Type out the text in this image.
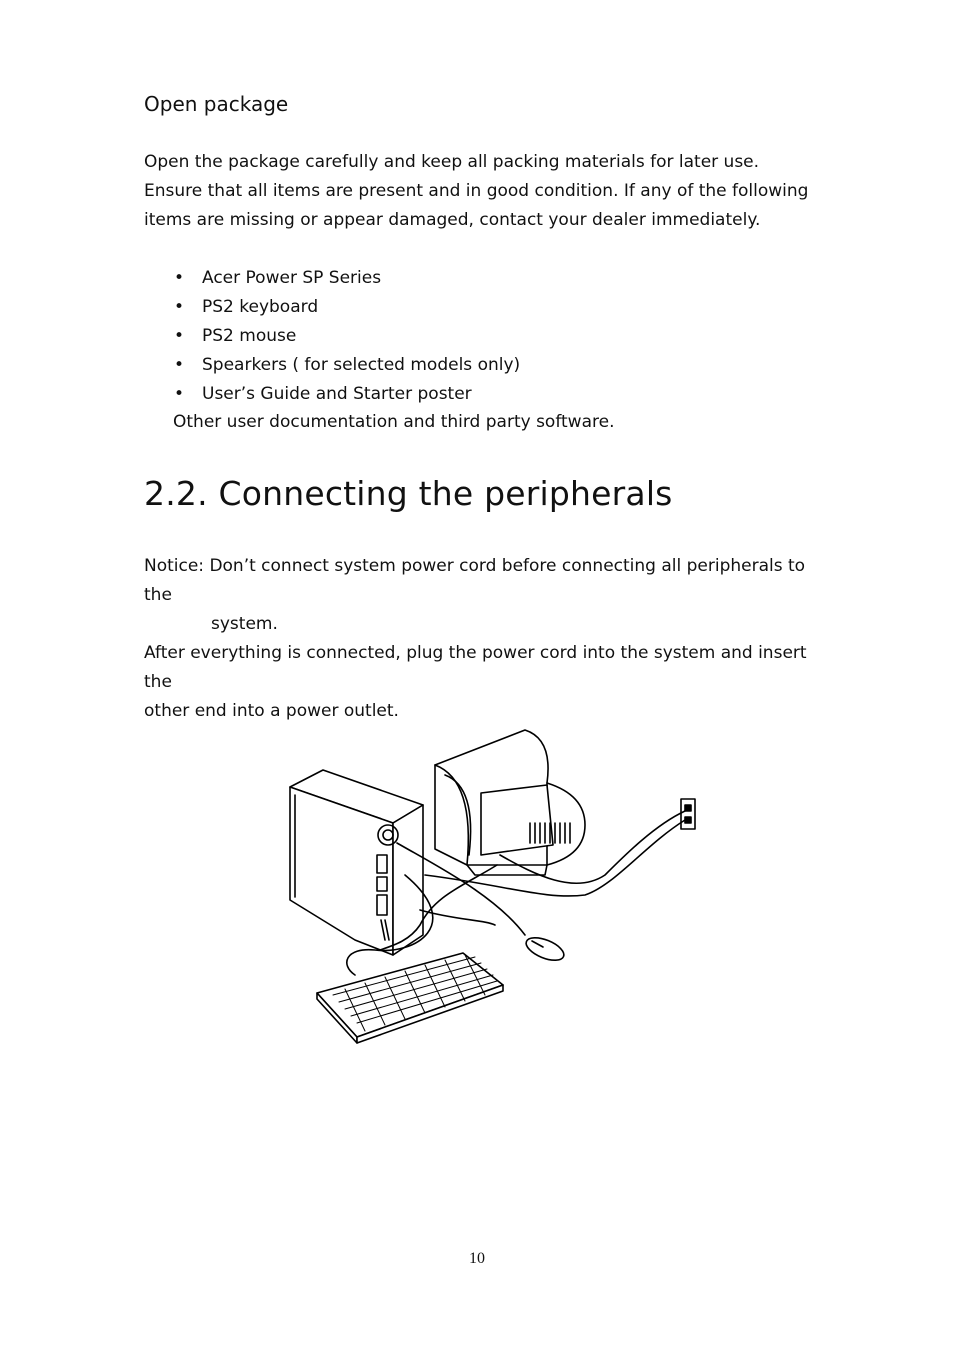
Open package

Open the package carefully and keep all packing materials for later use.
Ensure that all items are present and in good condition. If any of the following
items are missing or appear damaged, contact your dealer immediately.

• Acer Power SP Series
• PS2 keyboard
• PS2 mouse
• Spearkers ( for selected models only)
• User’s Guide and Starter poster

Other user documentation and third party software.

2.2. Connecting the peripherals

Notice: Don’t connect system power cord before connecting all peripherals to the
system.

After everything is connected, plug the power cord into the system and insert the
other end into a power outlet.

10
